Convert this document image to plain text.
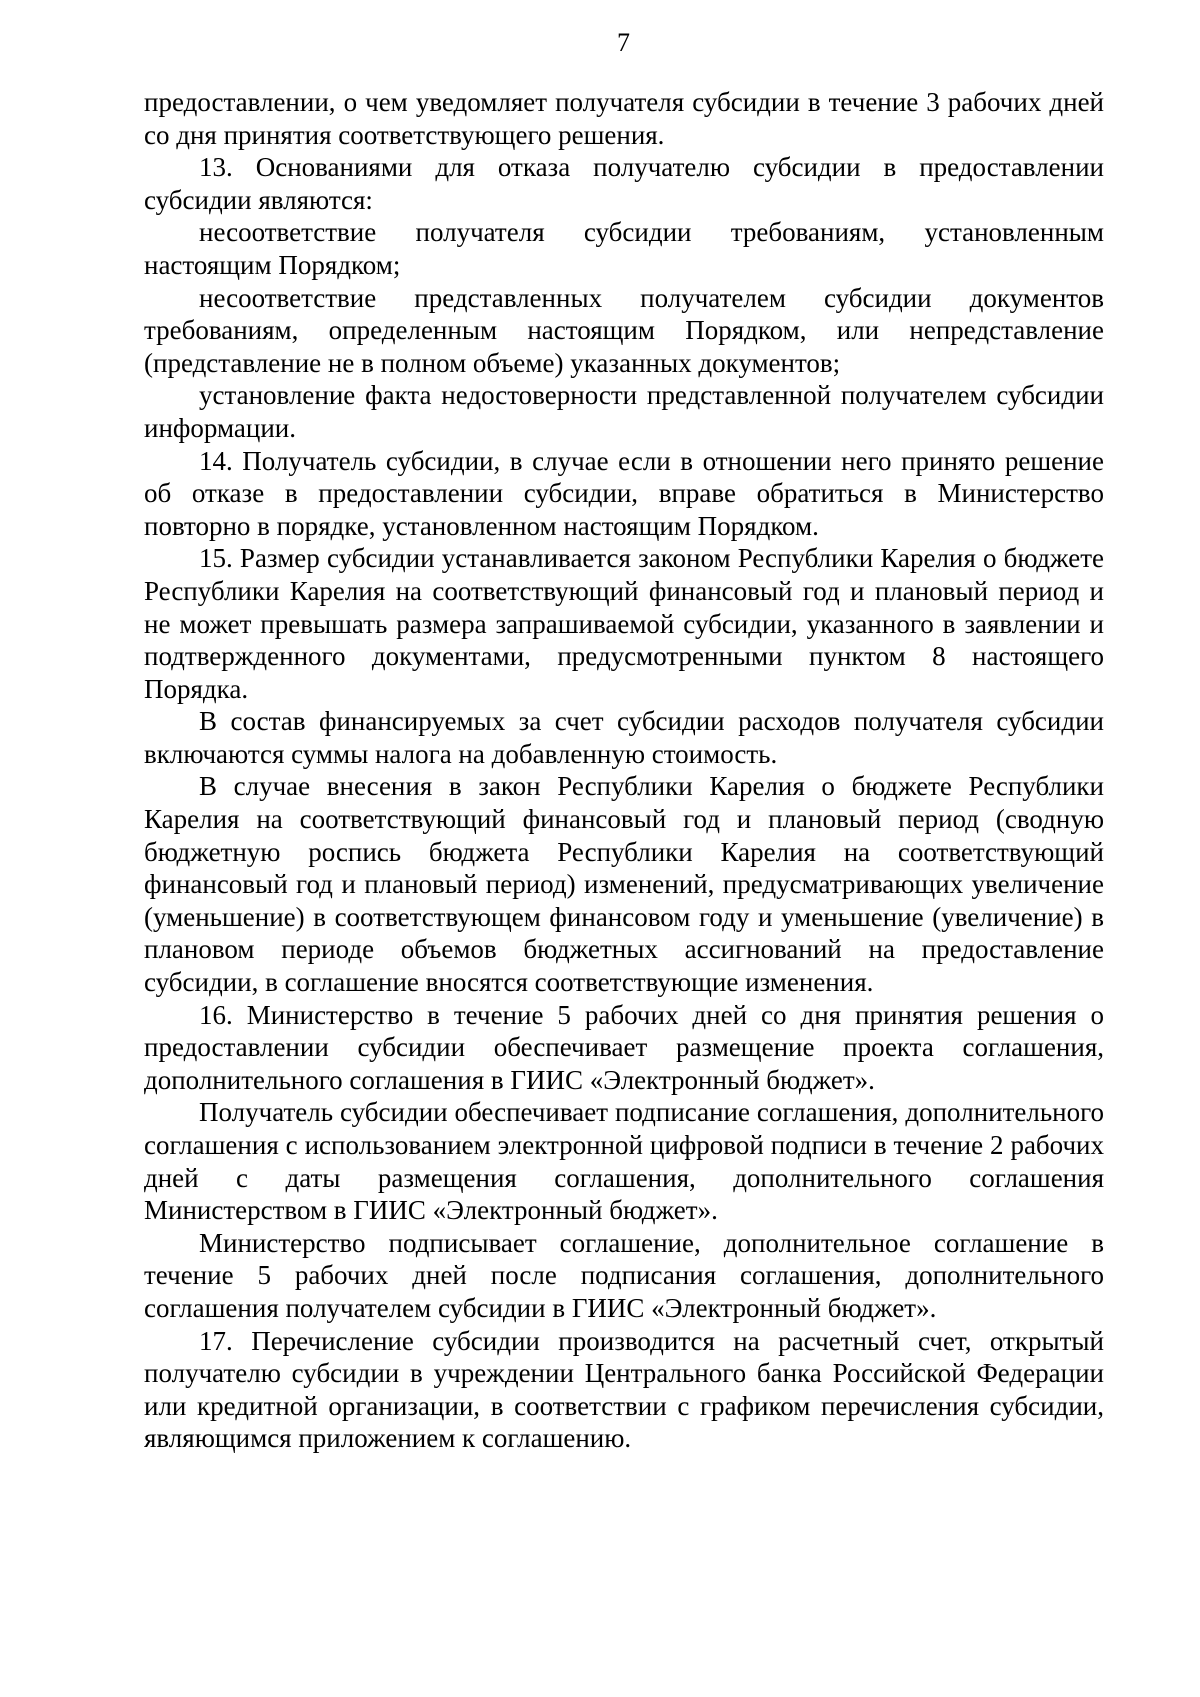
7

предоставлении, о чем уведомляет получателя субсидии в течение 3 рабочих дней со дня принятия соответствующего решения.

13. Основаниями для отказа получателю субсидии в предоставлении субсидии являются:

несоответствие получателя субсидии требованиям, установленным настоящим Порядком;

несоответствие представленных получателем субсидии документов требованиям, определенным настоящим Порядком, или непредставление (представление не в полном объеме) указанных документов;

установление факта недостоверности представленной получателем субсидии информации.

14. Получатель субсидии, в случае если в отношении него принято решение об отказе в предоставлении субсидии, вправе обратиться в Министерство повторно в порядке, установленном настоящим Порядком.

15. Размер субсидии устанавливается законом Республики Карелия о бюджете Республики Карелия на соответствующий финансовый год и плановый период и не может превышать размера запрашиваемой субсидии, указанного в заявлении и подтвержденного документами, предусмотренными пунктом 8 настоящего Порядка.

В состав финансируемых за счет субсидии расходов получателя субсидии включаются суммы налога на добавленную стоимость.

В случае внесения в закон Республики Карелия о бюджете Республики Карелия на соответствующий финансовый год и плановый период (сводную бюджетную роспись бюджета Республики Карелия на соответствующий финансовый год и плановый период) изменений, предусматривающих увеличение (уменьшение) в соответствующем финансовом году и уменьшение (увеличение) в плановом периоде объемов бюджетных ассигнований на предоставление субсидии, в соглашение вносятся соответствующие изменения.

16. Министерство в течение 5 рабочих дней со дня принятия решения о предоставлении субсидии обеспечивает размещение проекта соглашения, дополнительного соглашения в ГИИС «Электронный бюджет».

Получатель субсидии обеспечивает подписание соглашения, дополнительного соглашения с использованием электронной цифровой подписи в течение 2 рабочих дней с даты размещения соглашения, дополнительного соглашения Министерством в ГИИС «Электронный бюджет».

Министерство подписывает соглашение, дополнительное соглашение в течение 5 рабочих дней после подписания соглашения, дополнительного соглашения получателем субсидии в ГИИС «Электронный бюджет».

17. Перечисление субсидии производится на расчетный счет, открытый получателю субсидии в учреждении Центрального банка Российской Федерации или кредитной организации, в соответствии с графиком перечисления субсидии, являющимся приложением к соглашению.
